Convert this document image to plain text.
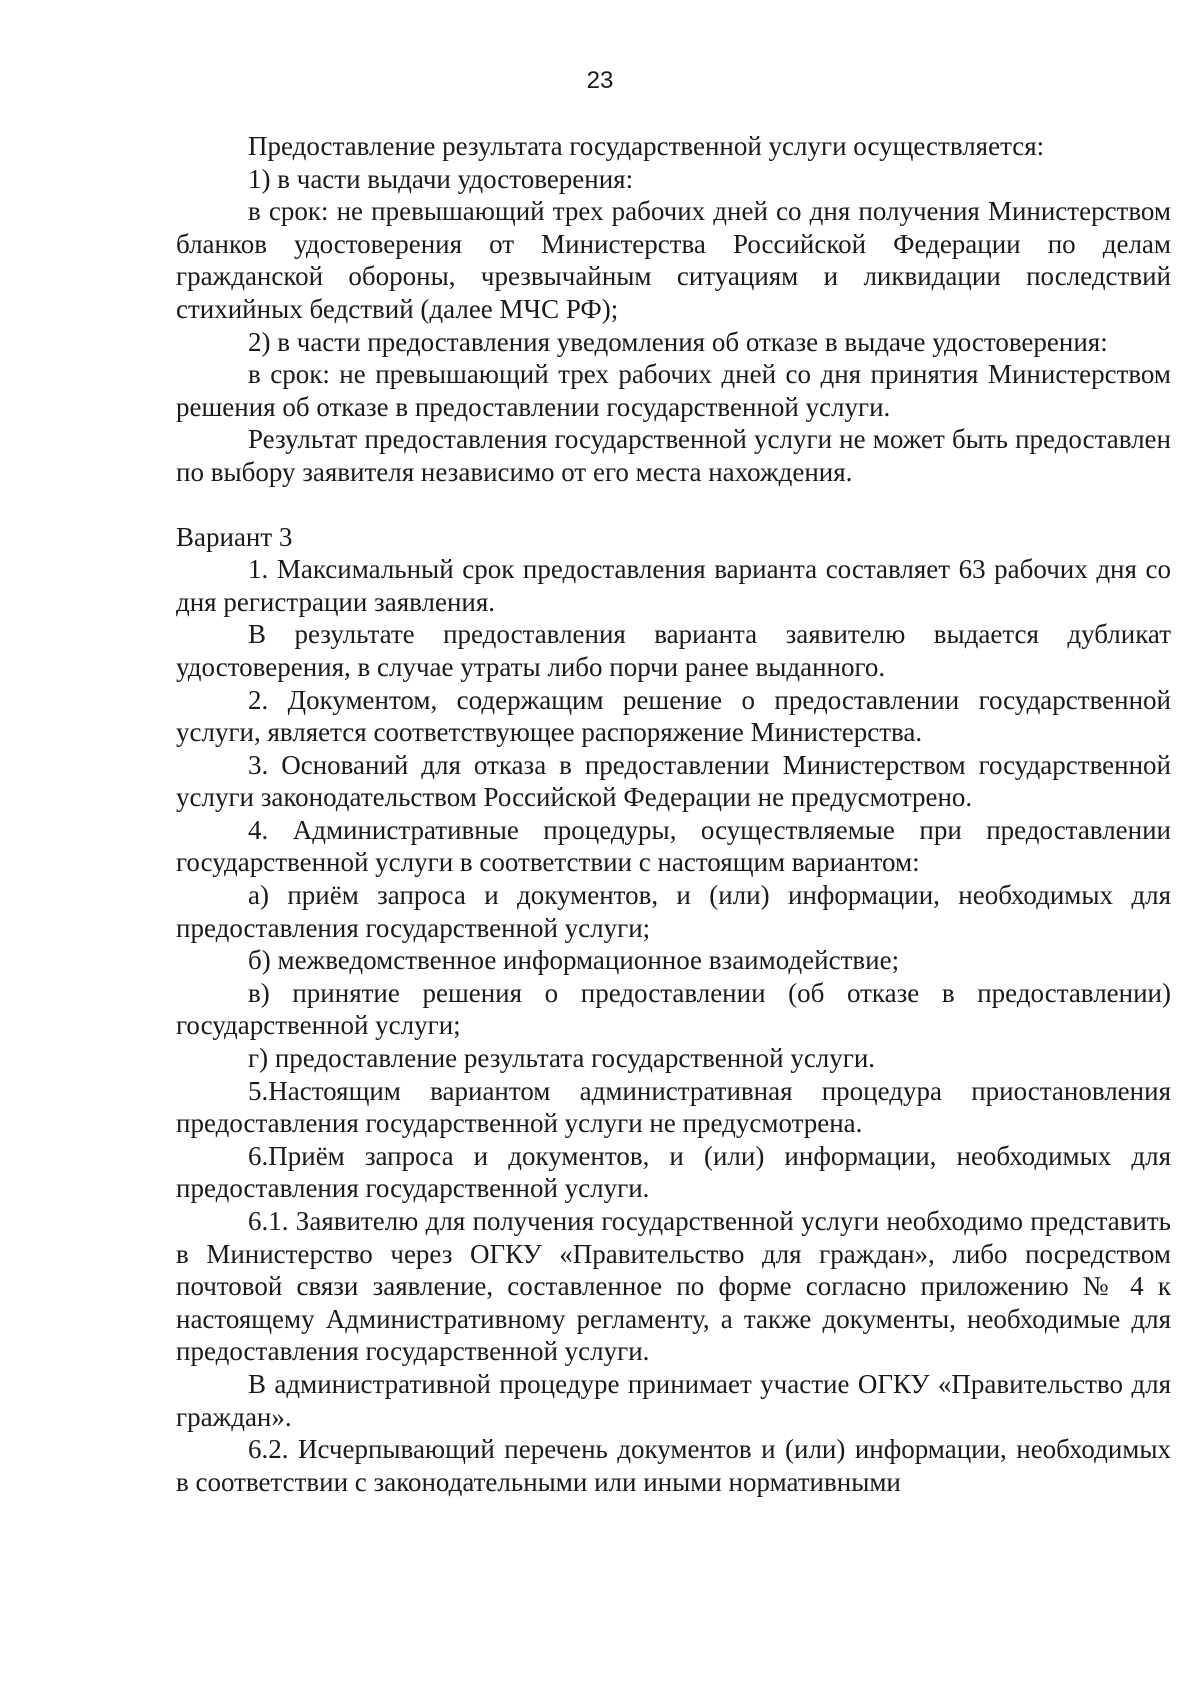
23

Предоставление результата государственной услуги осуществляется:

1) в части выдачи удостоверения:

в срок: не превышающий трех рабочих дней со дня получения Министерством бланков удостоверения от Министерства Российской Федерации по делам гражданской обороны, чрезвычайным ситуациям и ликвидации последствий стихийных бедствий (далее МЧС РФ);

2) в части предоставления уведомления об отказе в выдаче удостоверения:

в срок: не превышающий трех рабочих дней со дня принятия Министерством решения об отказе в предоставлении государственной услуги.

Результат предоставления государственной услуги не может быть предоставлен по выбору заявителя независимо от его места нахождения.

Вариант 3

1. Максимальный срок предоставления варианта составляет 63 рабочих дня со дня регистрации заявления.

В результате предоставления варианта заявителю выдается дубликат удостоверения, в случае утраты либо порчи ранее выданного.

2. Документом, содержащим решение о предоставлении государственной услуги, является соответствующее распоряжение Министерства.

3. Оснований для отказа в предоставлении Министерством государственной услуги законодательством Российской Федерации не предусмотрено.

4. Административные процедуры, осуществляемые при предоставлении государственной услуги в соответствии с настоящим вариантом:

а) приём запроса и документов, и (или) информации, необходимых для предоставления государственной услуги;

б) межведомственное информационное взаимодействие;

в) принятие решения о предоставлении (об отказе в предоставлении) государственной услуги;

г) предоставление результата государственной услуги.

5.Настоящим вариантом административная процедура приостановления предоставления государственной услуги не предусмотрена.

6.Приём запроса и документов, и (или) информации, необходимых для предоставления государственной услуги.

6.1. Заявителю для получения государственной услуги необходимо представить в Министерство через ОГКУ «Правительство для граждан», либо посредством почтовой связи заявление, составленное по форме согласно приложению № 4 к настоящему Административному регламенту, а также документы, необходимые для предоставления государственной услуги.

В административной процедуре принимает участие ОГКУ «Правительство для граждан».

6.2. Исчерпывающий перечень документов и (или) информации, необходимых в соответствии с законодательными или иными нормативными
